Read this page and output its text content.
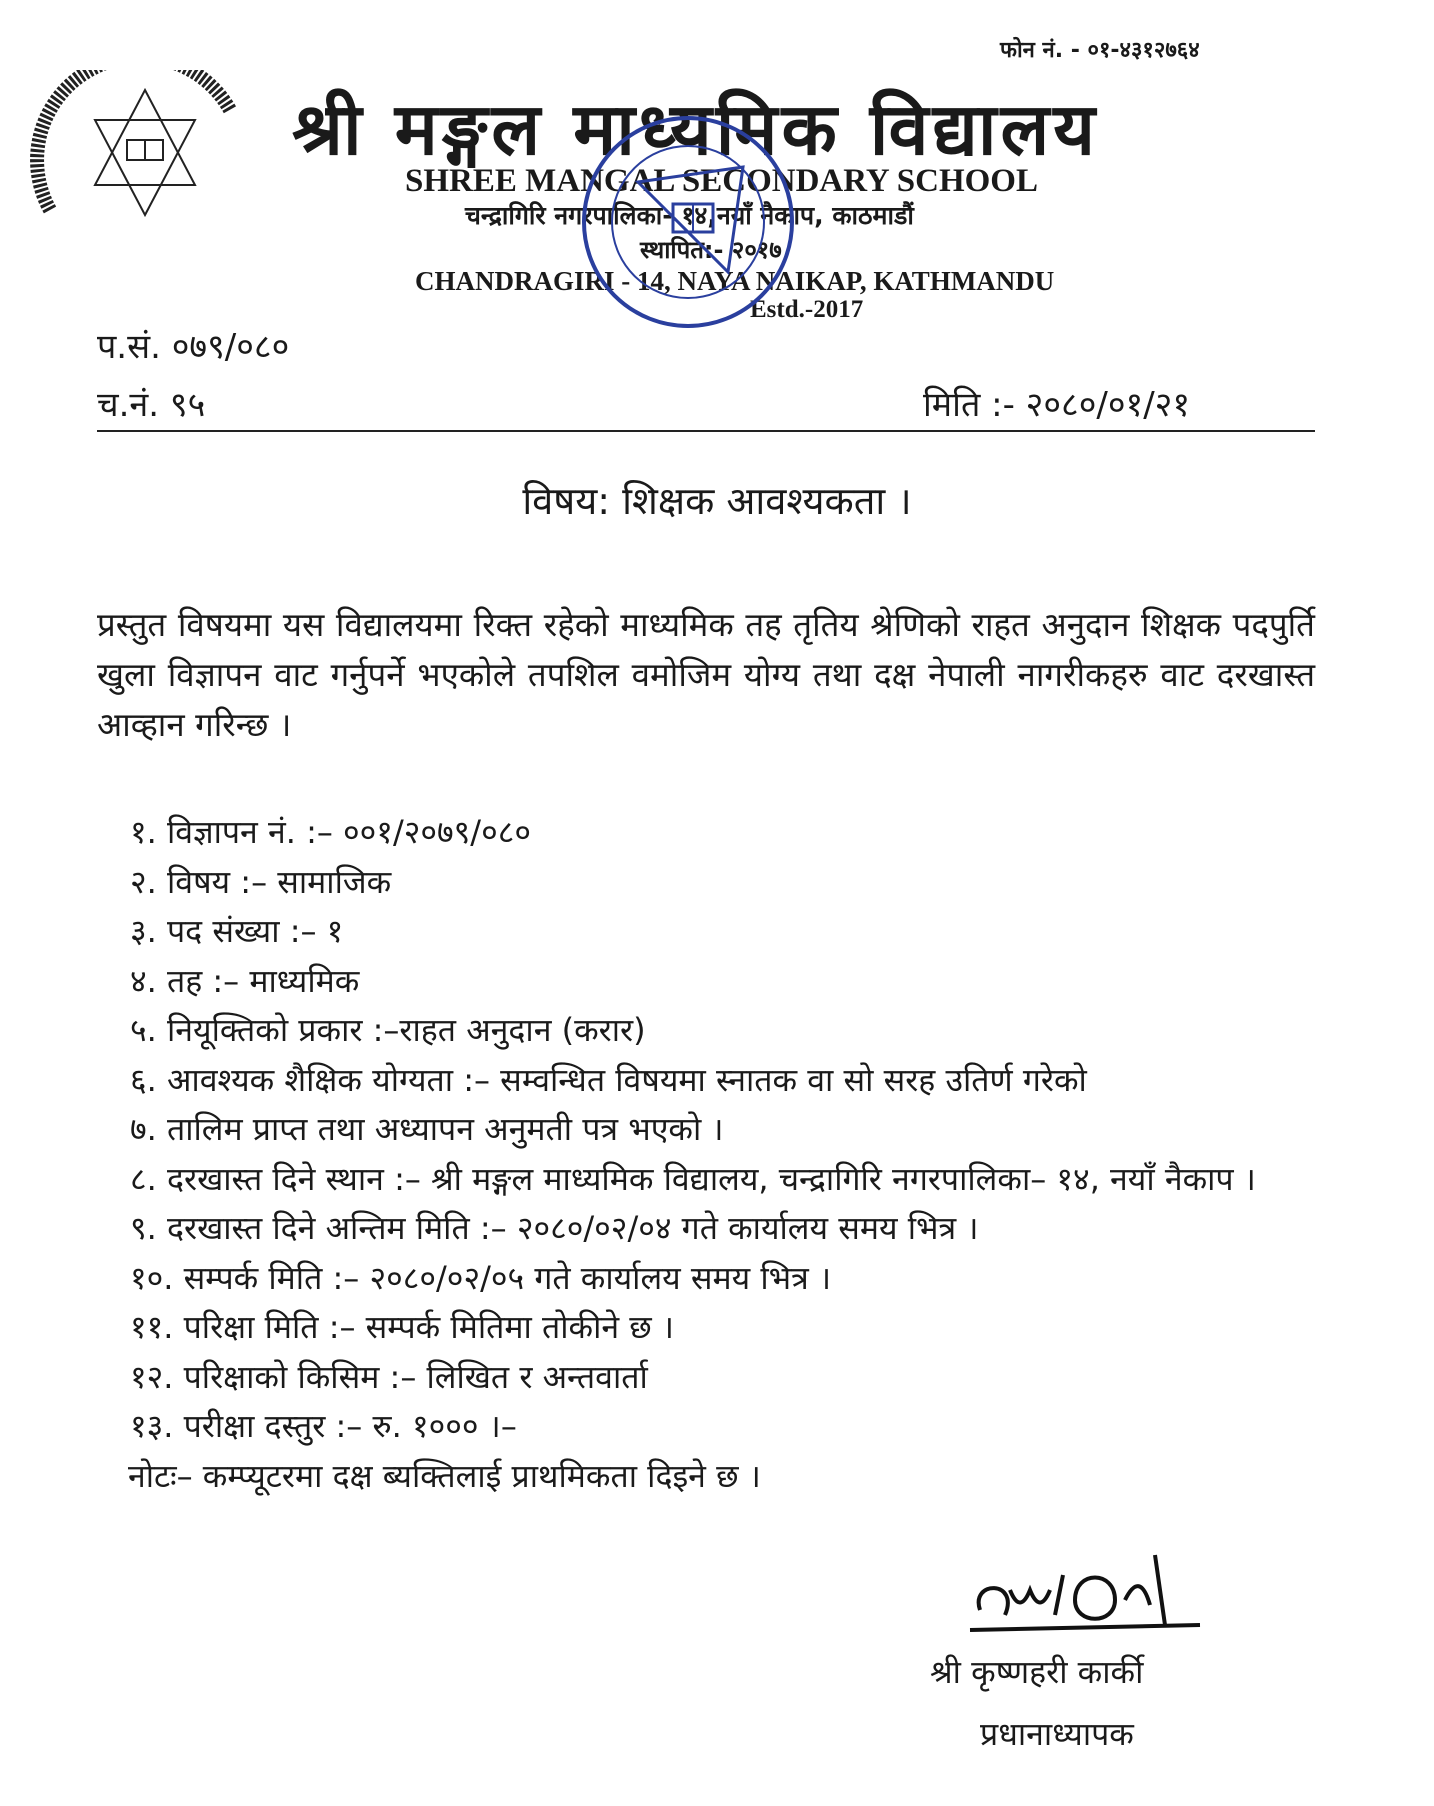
फोन नं. - ०१-४३१२७६४
श्री मङ्गल माध्यमिक विद्यालय
SHREE MANGAL SECONDARY SCHOOL
चन्द्रागिरि नगरपालिका- १४,नयाँ नैकाप, काठमाडौं
स्थापित:- २०१७
CHANDRAGIRI - 14, NAYA NAIKAP, KATHMANDU
Estd.-2017
प.सं. ०७९/०८०
च.नं. ९५	मिति :- २०८०/०१/२१
विषय: शिक्षक आवश्यकता ।
प्रस्तुत विषयमा यस विद्यालयमा रिक्त रहेको माध्यमिक तह तृतिय श्रेणिको राहत अनुदान शिक्षक पदपुर्ति खुला विज्ञापन वाट गर्नुपर्ने भएकोले तपशिल वमोजिम योग्य तथा दक्ष नेपाली नागरीकहरु वाट दरखास्त आव्हान गरिन्छ ।
१. विज्ञापन नं. :– ००१/२०७९/०८०
२. विषय :– सामाजिक
३. पद संख्या :– १
४. तह :– माध्यमिक
५. नियूक्तिको प्रकार :–राहत अनुदान (करार)
६. आवश्यक शैक्षिक योग्यता :– सम्वन्धित विषयमा स्नातक वा सो सरह उतिर्ण गरेको
७. तालिम प्राप्त तथा अध्यापन अनुमती पत्र भएको ।
८. दरखास्त दिने स्थान :– श्री मङ्गल माध्यमिक विद्यालय, चन्द्रागिरि नगरपालिका– १४, नयाँ नैकाप ।
९. दरखास्त दिने अन्तिम मिति :– २०८०/०२/०४ गते कार्यालय समय भित्र ।
१०. सम्पर्क मिति :– २०८०/०२/०५ गते कार्यालय समय भित्र ।
११. परिक्षा मिति :– सम्पर्क मितिमा तोकीने छ ।
१२. परिक्षाको किसिम :– लिखित र अन्तवार्ता
१३. परीक्षा दस्तुर :– रु. १००० ।–
नोटः– कम्प्यूटरमा दक्ष ब्यक्तिलाई प्राथमिकता दिइने छ ।
श्री कृष्णहरी कार्की
प्रधानाध्यापक
